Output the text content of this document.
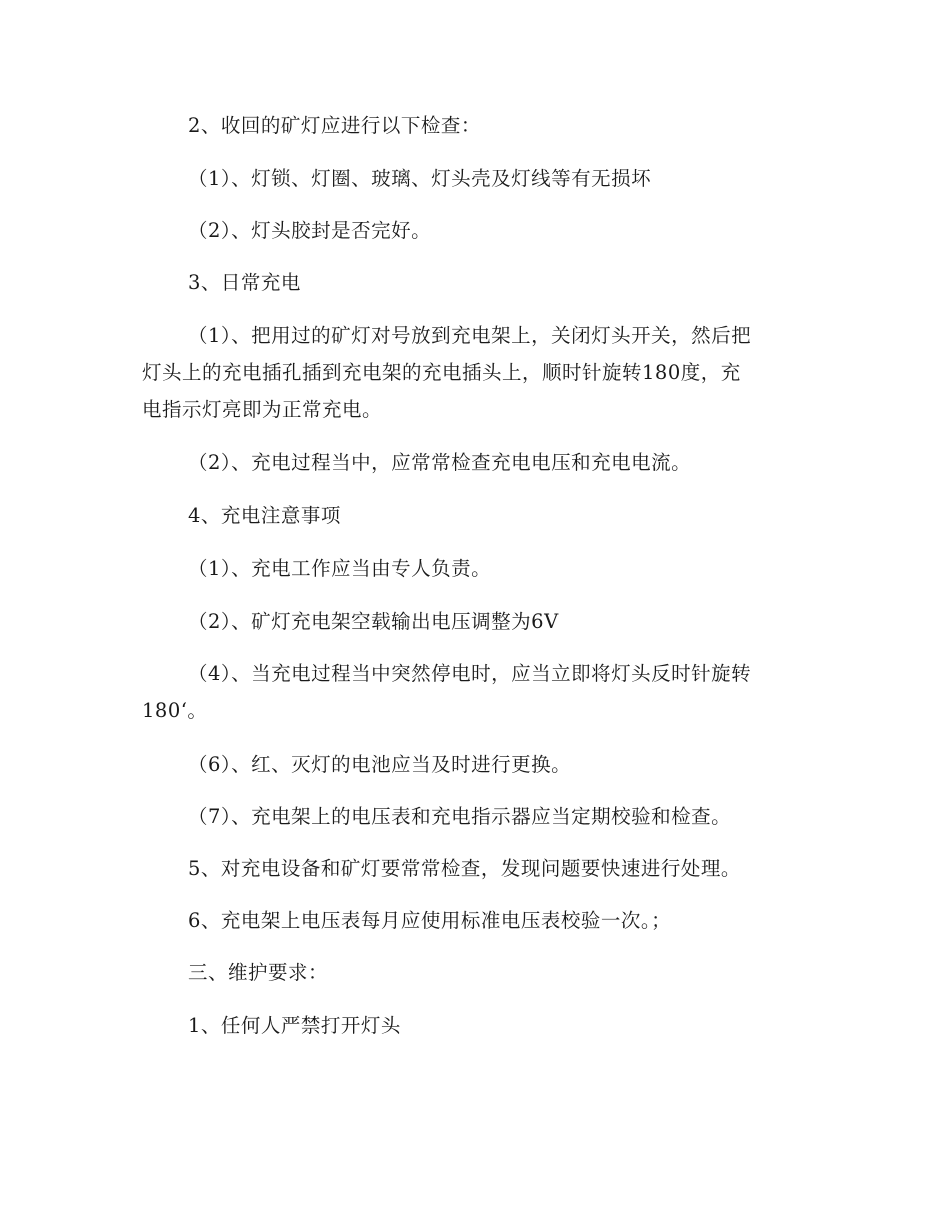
2、收回的矿灯应进行以下检查：
（1）、灯锁、灯圈、玻璃、灯头壳及灯线等有无损坏
（2）、灯头胶封是否完好。
3、日常充电
（1）、把用过的矿灯对号放到充电架上，关闭灯头开关，然后把
灯头上的充电插孔插到充电架的充电插头上，顺时针旋转180度，充
电指示灯亮即为正常充电。
（2）、充电过程当中，应常常检查充电电压和充电电流。
4、充电注意事项
（1）、充电工作应当由专人负责。
（2）、矿灯充电架空载输出电压调整为6V
（4）、当充电过程当中突然停电时，应当立即将灯头反时针旋转
180‘。
（6）、红、灭灯的电池应当及时进行更换。
（7）、充电架上的电压表和充电指示器应当定期校验和检查。
5、对充电设备和矿灯要常常检查，发现问题要快速进行处理。
6、充电架上电压表每月应使用标准电压表校验一次。；
三、维护要求：
1、任何人严禁打开灯头
